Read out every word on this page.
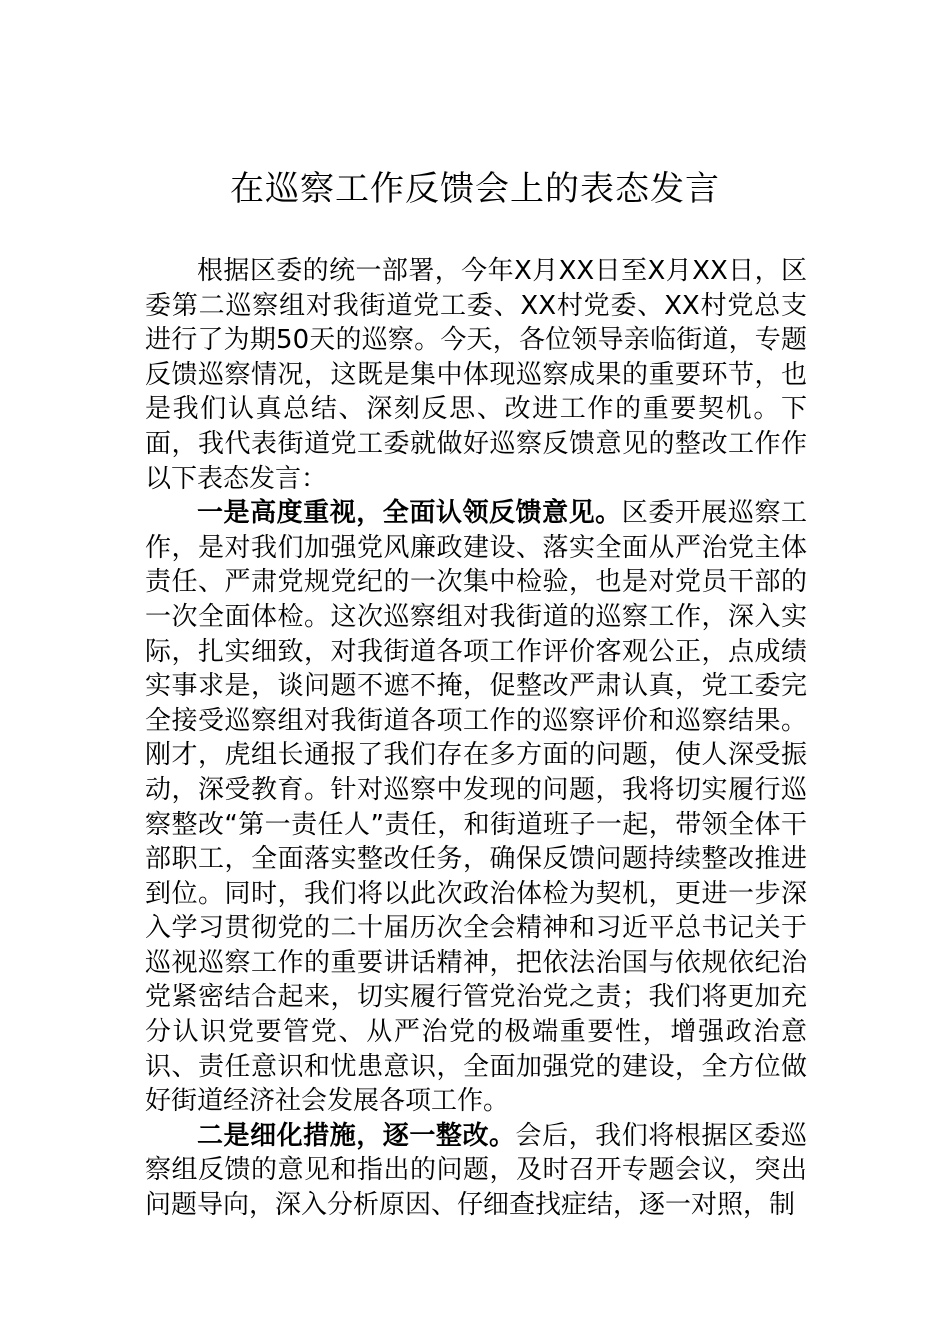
在巡察工作反馈会上的表态发言

根据区委的统一部署，今年X月XX日至X月XX日，区委第二巡察组对我街道党工委、XX村党委、XX村党总支进行了为期50天的巡察。今天，各位领导亲临街道，专题反馈巡察情况，这既是集中体现巡察成果的重要环节，也是我们认真总结、深刻反思、改进工作的重要契机。下面，我代表街道党工委就做好巡察反馈意见的整改工作作以下表态发言：

一是高度重视，全面认领反馈意见。区委开展巡察工作，是对我们加强党风廉政建设、落实全面从严治党主体责任、严肃党规党纪的一次集中检验，也是对党员干部的一次全面体检。这次巡察组对我街道的巡察工作，深入实际，扎实细致，对我街道各项工作评价客观公正，点成绩实事求是，谈问题不遮不掩，促整改严肃认真，党工委完全接受巡察组对我街道各项工作的巡察评价和巡察结果。刚才，虎组长通报了我们存在多方面的问题，使人深受振动，深受教育。针对巡察中发现的问题，我将切实履行巡察整改“第一责任人”责任，和街道班子一起，带领全体干部职工，全面落实整改任务，确保反馈问题持续整改推进到位。同时，我们将以此次政治体检为契机，更进一步深入学习贯彻党的二十届历次全会精神和习近平总书记关于巡视巡察工作的重要讲话精神，把依法治国与依规依纪治党紧密结合起来，切实履行管党治党之责；我们将更加充分认识党要管党、从严治党的极端重要性，增强政治意识、责任意识和忧患意识，全面加强党的建设，全方位做好街道经济社会发展各项工作。

二是细化措施，逐一整改。会后，我们将根据区委巡察组反馈的意见和指出的问题，及时召开专题会议，突出问题导向，深入分析原因、仔细查找症结，逐一对照，制
